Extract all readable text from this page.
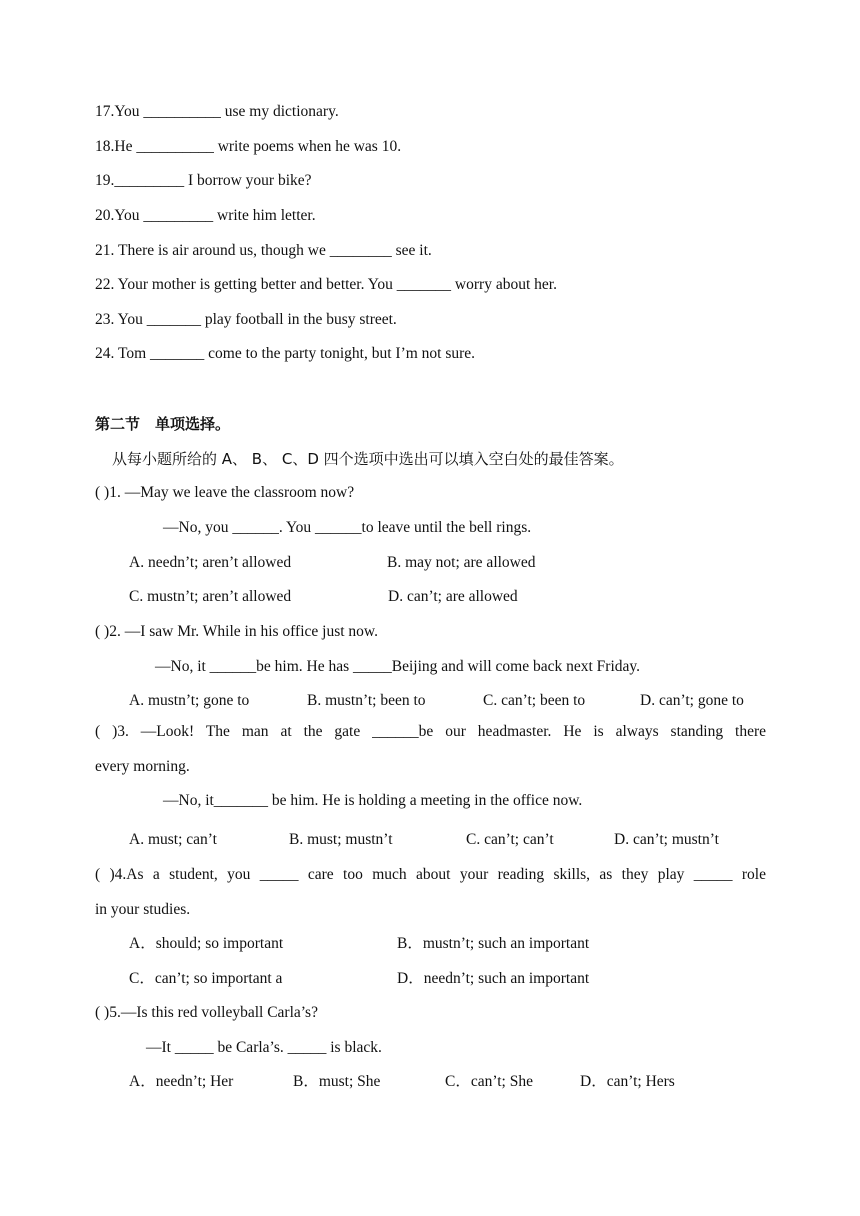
17.You __________ use my dictionary.
18.He __________ write poems when he was 10.
19._________ I borrow your bike?
20.You _________ write him letter.
21. There is air around us, though we ________ see it.
22. Your mother is getting better and better. You _______ worry about her.
23. You _______ play football in the busy street.
24. Tom _______ come to the party tonight, but I’m not sure.
第二节　单项选择。
从每小题所给的 A、 B、 C、D 四个选项中选出可以填入空白处的最佳答案。
( )1. —May we leave the classroom now?
—No, you ______. You ______to leave until the bell rings.
A. needn’t; aren’t allowed	B. may not; are allowed
C. mustn’t; aren’t allowed	D. can’t; are allowed
( )2. —I saw Mr. While in his office just now.
—No, it ______be him. He has _____Beijing and will come back next Friday.
A. mustn’t; gone to	B. mustn’t; been to	C. can’t; been to	D. can’t; gone to
( )3. —Look! The man at the gate ______be our headmaster. He is always standing there
every morning.
—No, it_______ be him. He is holding a meeting in the office now.
A. must; can’t	B. must; mustn’t	C. can’t; can’t	D. can’t; mustn’t
( )4.As a student, you _____ care too much about your reading skills, as they play _____ role
in your studies.
A．should; so important	B．mustn’t; such an important
C．can’t; so important a	D．needn’t; such an important
( )5.—Is this red volleyball Carla’s?
—It _____ be Carla’s. _____ is black.
A．needn’t; Her	B．must; She	C．can’t; She	D．can’t; Hers
